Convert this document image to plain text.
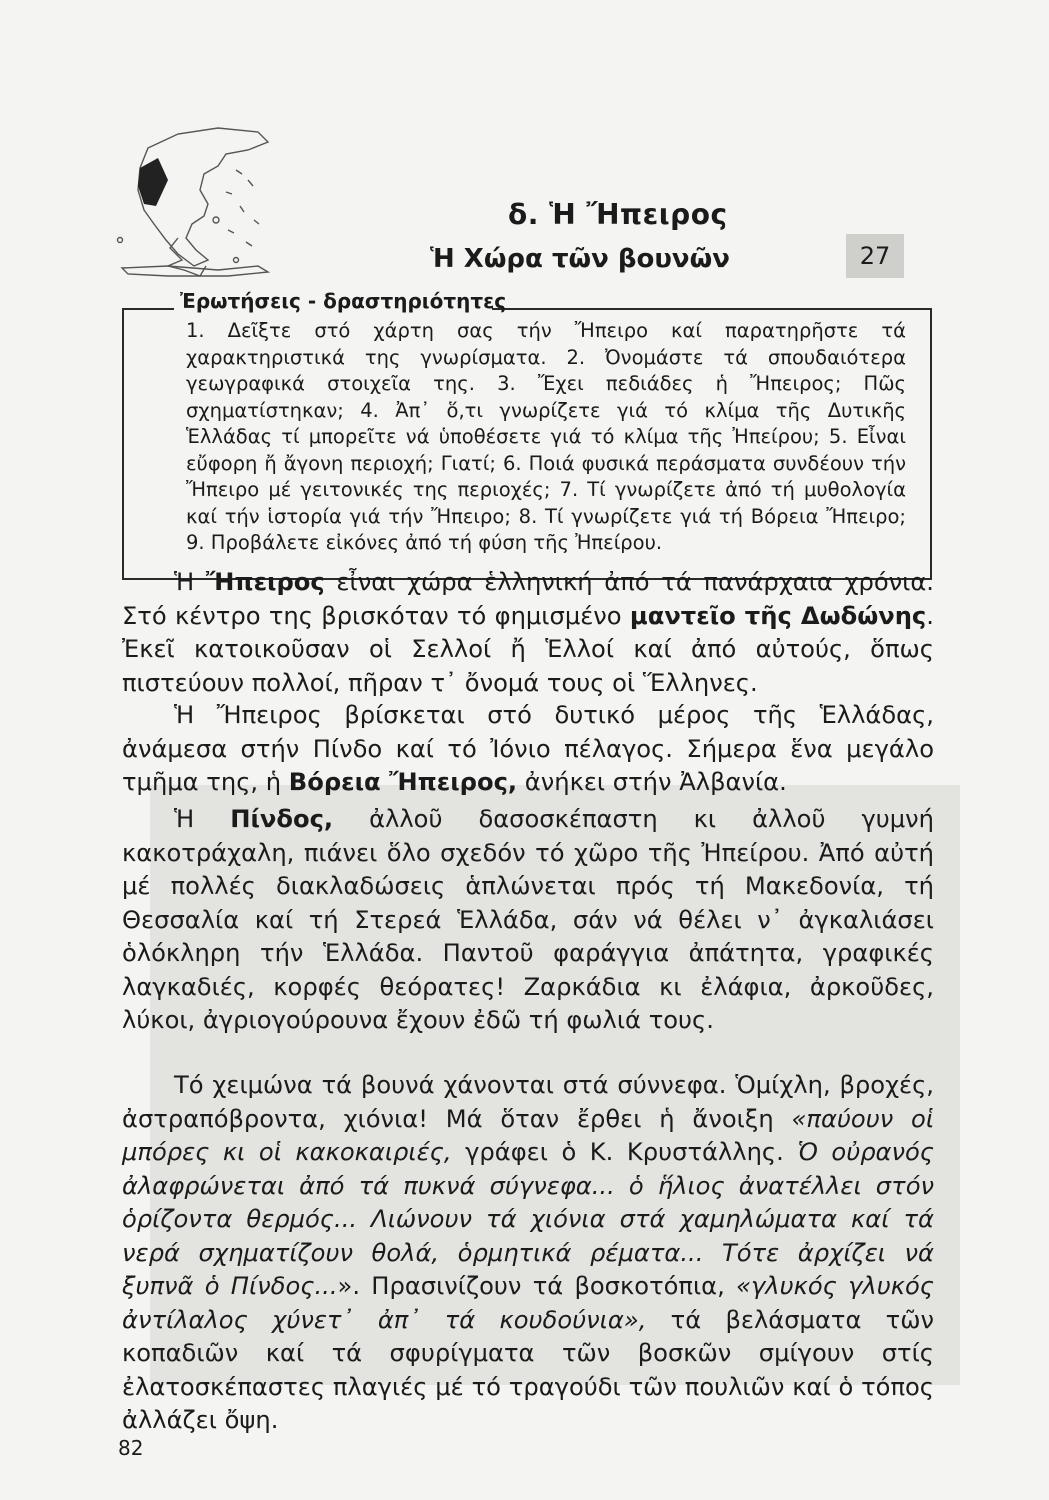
δ. Ἡ Ἤπειρος
Ἡ Χώρα τῶν βουνῶν	27

1. Δεῖξτε στό χάρτη σας τήν Ἤπειρο καί παρατηρῆστε τά χαρακτηριστικά της γνωρίσματα. 2. Ὀνομάστε τά σπουδαιότερα γεωγραφικά στοιχεῖα της. 3. Ἔχει πεδιάδες ἡ Ἤπειρος; Πῶς σχηματίστηκαν; 4. Ἀπ᾿ ὅ,τι γνωρίζετε γιά τό κλίμα τῆς Δυτικῆς Ἑλλάδας τί μπορεῖτε νά ὑποθέσετε γιά τό κλίμα τῆς Ἠπείρου; 5. Εἶναι εὔφορη ἤ ἄγονη περιοχή; Γιατί; 6. Ποιά φυσικά περάσματα συνδέουν τήν Ἤπειρο μέ γειτονικές της περιοχές; 7. Τί γνωρίζετε ἀπό τή μυθολογία καί τήν ἱστορία γιά τήν Ἤπειρο; 8. Τί γνωρίζετε γιά τή Βόρεια Ἤπειρο; 9. Προβάλετε εἰκόνες ἀπό τή φύση τῆς Ἠπείρου.

Ἐρωτήσεις - δραστηριότητες

Ἡ Ἤπειρος εἶναι χώρα ἑλληνική ἀπό τά πανάρχαια χρόνια. Στό κέντρο της βρισκόταν τό φημισμένο μαντεῖο τῆς Δωδώνης. Ἐκεῖ κατοικοῦσαν οἱ Σελλοί ἤ Ἑλλοί καί ἀπό αὐτούς, ὅπως πιστεύουν πολλοί, πῆραν τ᾿ ὄνομά τους οἱ Ἕλληνες.

Ἡ Ἤπειρος βρίσκεται στό δυτικό μέρος τῆς Ἑλλάδας, ἀνάμεσα στήν Πίνδο καί τό Ἰόνιο πέλαγος. Σήμερα ἕνα μεγάλο τμῆμα της, ἡ Βόρεια Ἤπειρος, ἀνήκει στήν Ἀλβανία.

Ἡ Πίνδος, ἀλλοῦ δασοσκέπαστη κι ἀλλοῦ γυμνή κακοτράχαλη, πιάνει ὅλο σχεδόν τό χῶρο τῆς Ἠπείρου. Ἀπό αὐτή μέ πολλές διακλαδώσεις ἁπλώνεται πρός τή Μακεδονία, τή Θεσσαλία καί τή Στερεά Ἑλλάδα, σάν νά θέλει ν᾿ ἀγκαλιάσει ὁλόκληρη τήν Ἑλλάδα. Παντοῦ φαράγγια ἀπάτητα, γραφικές λαγκαδιές, κορφές θεόρατες! Ζαρκάδια κι ἐλάφια, ἀρκοῦδες, λύκοι, ἀγριογούρουνα ἔχουν ἐδῶ τή φωλιά τους.

Τό χειμώνα τά βουνά χάνονται στά σύννεφα. Ὁμίχλη, βροχές, ἀστραπόβροντα, χιόνια! Μά ὅταν ἔρθει ἡ ἄνοιξη «παύουν οἱ μπόρες κι οἱ κακοκαιριές, γράφει ὁ Κ. Κρυστάλλης. Ὁ οὐρανός ἀλαφρώνεται ἀπό τά πυκνά σύγνεφα... ὁ ἥλιος ἀνατέλλει στόν ὁρίζοντα θερμός... Λιώνουν τά χιόνια στά χαμηλώματα καί τά νερά σχηματίζουν θολά, ὁρμητικά ρέματα... Τότε ἀρχίζει νά ξυπνᾶ ὁ Πίνδος...». Πρασινίζουν τά βοσκοτόπια, «γλυκός γλυκός ἀντίλαλος χύνετ᾿ ἀπ᾿ τά κουδούνια», τά βελάσματα τῶν κοπαδιῶν καί τά σφυρίγματα τῶν βοσκῶν σμίγουν στίς ἐλατοσκέπαστες πλαγιές μέ τό τραγούδι τῶν πουλιῶν καί ὁ τόπος ἀλλάζει ὄψη.

82
